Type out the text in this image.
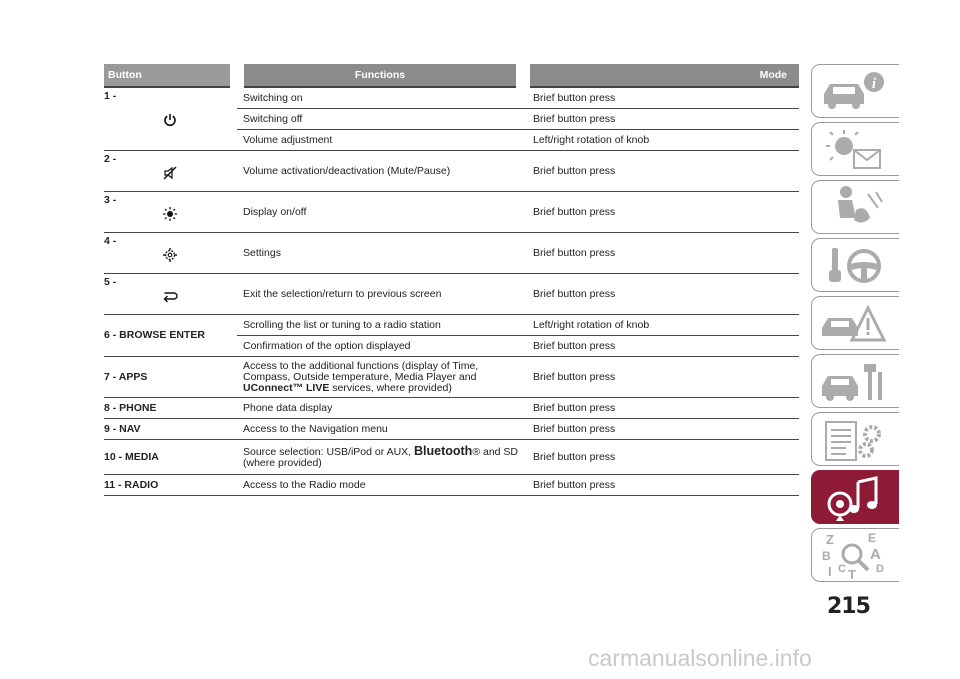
Button	Functions	Mode

1 -	Switching on	Brief button press
	Switching off	Brief button press
	Volume adjustment	Left/right rotation of knob

2 -	Volume activation/deactivation (Mute/Pause)	Brief button press

3 -	Display on/off	Brief button press

4 -	Settings	Brief button press

5 -	Exit the selection/return to previous screen	Brief button press

6 - BROWSE ENTER	Scrolling the list or tuning to a radio station	Left/right rotation of knob
	Confirmation of the option displayed	Brief button press

7 - APPS	Access to the additional functions (display of Time, Compass, Outside temperature, Media Player and UConnect™ LIVE services, where provided)	Brief button press

8 - PHONE	Phone data display	Brief button press

9 - NAV	Access to the Navigation menu	Brief button press

10 - MEDIA	Source selection: USB/iPod or AUX, Bluetooth® and SD (where provided)	Brief button press

11 - RADIO	Access to the Radio mode	Brief button press
i
Z	E
B	A
I C T D
215
carmanualsonline.info
